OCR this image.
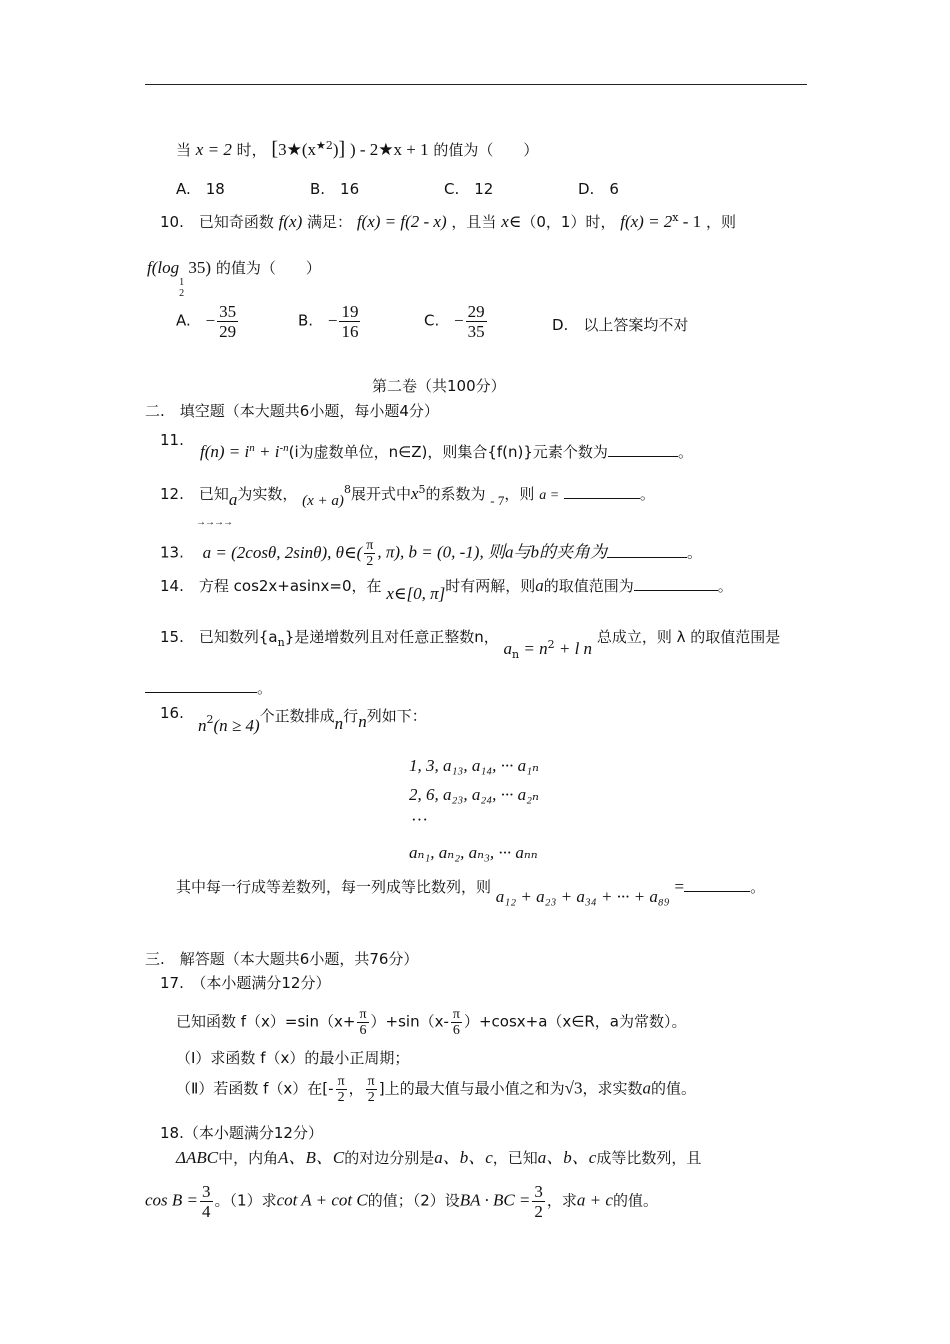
当 x = 2 时， $[3★(x^{★2})]$ ) - 2★x + 1 的值为（　　）
A.　18	B.　16	C.　12	D.　6
10.　已知奇函数 f(x) 满足： f(x) = f(2 - x) ，且当 x∈（0，1）时， $f(x) = 2^x - 1$ ，则
f(log
1
2
35) 的值为（　　）
A. − $\frac{35}{29}$	B. − $\frac{19}{16}$	C. − $\frac{29}{35}$	D.　以上答案均不对
第二卷（共100分）
二.　填空题（本大题共6小题，每小题4分）
11.
$f(n) = i^n + i^{-n}(i$为虚数单位，n∈Z)，则集合{f(n)}元素个数为	。
12.　已知a为实数， $(x + a)^8$展开式中$x^5$的系数为 - 7，则 a =	。
→→→→
13. a = (2cosθ, 2sinθ), θ∈( $\frac{\pi}{2}$ , π), b = (0, -1), 则a与b的夹角为	。
14.　方程 cos2x+asinx=0，在 x∈[0, π]时有两解，则a的取值范围为	。
15.　已知数列$\{a_n\}$是递增数列且对任意正整数n， $a_n = n^2 + l$ n 总成立，则 λ 的取值范围是
。
16.
$n^2(n \ge 4)$个正数排成n行n列如下：
1, 3, a₁₃, a₁₄, ··· a₁ₙ
2, 6, a₂₃, a₂₄, ··· a₂ₙ
···
aₙ₁, aₙ₂, aₙ₃, ··· aₙₙ
其中每一行成等差数列，每一列成等比数列，则 a₁₂ + a₂₃ + a₃₄ + ··· + a₈₉ =	。
三.　解答题（本大题共6小题，共76分）
17.　（本小题满分12分）
已知函数 $f(x)=\sin(x+ \frac{\pi}{6} )+\sin(x- \frac{\pi}{6}$ ）+cosx+a（x∈R，a为常数）。
（Ⅰ）求函数 f（x）的最小正周期；
（Ⅱ）若函数 f（x）在[- $\frac{\pi}{2}$ ， $\frac{\pi}{2}$ ]上的最大值与最小值之和为√3，求实数a的值。
18.（本小题满分12分）
ΔABC中，内角A、B、C的对边分别是a、b、c，已知a、b、c成等比数列，且
$\cos B = \frac{3}{4}$ 。（1）求cot A + cot C的值；（2）设BA · BC = $\frac{3}{2}$ ，求a + c的值。
